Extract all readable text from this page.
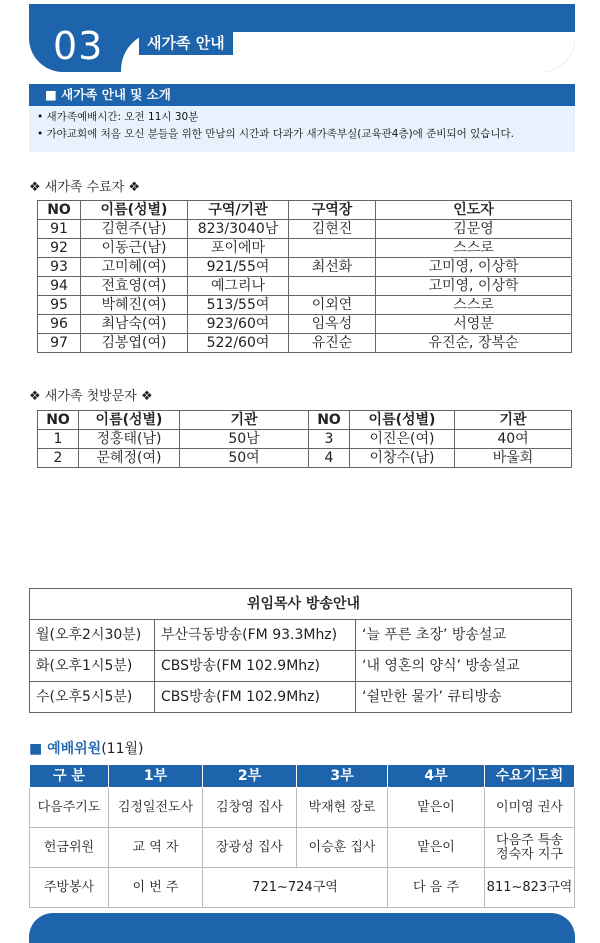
03	새가족 안내
■ 새가족 안내 및 소개
• 새가족예배시간: 오전 11시 30분
• 가야교회에 처음 오신 분들을 위한 만남의 시간과 다과가 새가족부실(교육관4층)에 준비되어 있습니다.
❖ 새가족 수료자 ❖
NO	이름(성별)	구역/기관	구역장	인도자
91	김현주(남)	823/3040남	김현진	김문영
92	이동근(남)	포이에마		스스로
93	고미혜(여)	921/55여	최선화	고미영, 이상학
94	전효영(여)	예그리나		고미영, 이상학
95	박혜진(여)	513/55여	이외연	스스로
96	최남숙(여)	923/60여	임옥성	서영분
97	김봉엽(여)	522/60여	유진순	유진순, 장복순
❖ 새가족 첫방문자 ❖
NO	이름(성별)	기관	NO	이름(성별)	기관
1	정홍태(남)	50남	3	이진은(여)	40여
2	문혜정(여)	50여	4	이창수(남)	바울회
위임목사 방송안내		
월(오후2시30분)	부산극동방송(FM 93.3Mhz)	‘늘 푸른 초장’ 방송설교
화(오후1시5분)	CBS방송(FM 102.9Mhz)	‘내 영혼의 양식’ 방송설교
수(오후5시5분)	CBS방송(FM 102.9Mhz)	‘쉴만한 물가’ 큐티방송
■ 예배위원(11월)
구 분	1부	2부	3부	4부	수요기도회
다음주기도	김정일전도사	김창영 집사	박재현 장로	맡은이	이미영 권사
헌금위원	교 역 자	장광성 집사	이승훈 집사	맡은이	다음주 특송
정숙자 지구

주방봉사	이 번 주	721~724구역		다 음 주	811~823구역
